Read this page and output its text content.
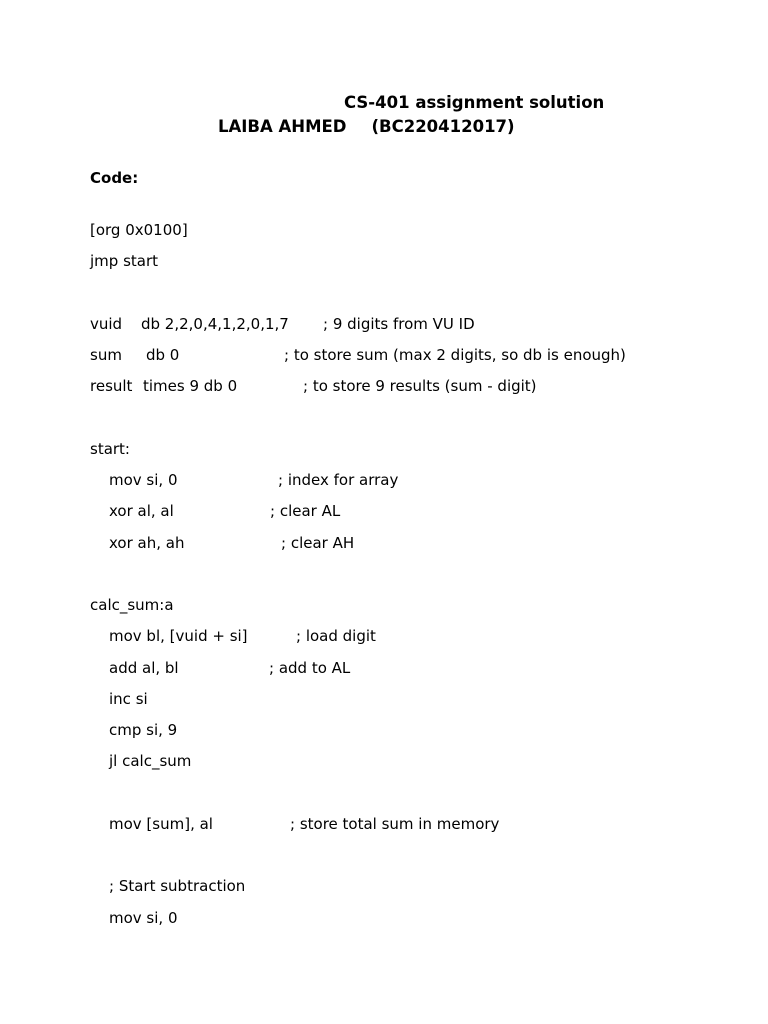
CS-401 assignment solution
LAIBA AHMED (BC220412017)
Code:
[org 0x0100]
jmp start
vuid db 2,2,0,4,1,2,0,1,7 ; 9 digits from VU ID
sum db 0	; to store sum (max 2 digits, so db is enough)
result times 9 db 0	; to store 9 results (sum - digit)
start:
mov si, 0	; index for array
xor al, al	; clear AL
xor ah, ah	; clear AH
calc_sum:a
mov bl, [vuid + si]	; load digit
add al, bl	; add to AL
inc si
cmp si, 9
jl calc_sum
mov [sum], al	; store total sum in memory
; Start subtraction
mov si, 0
